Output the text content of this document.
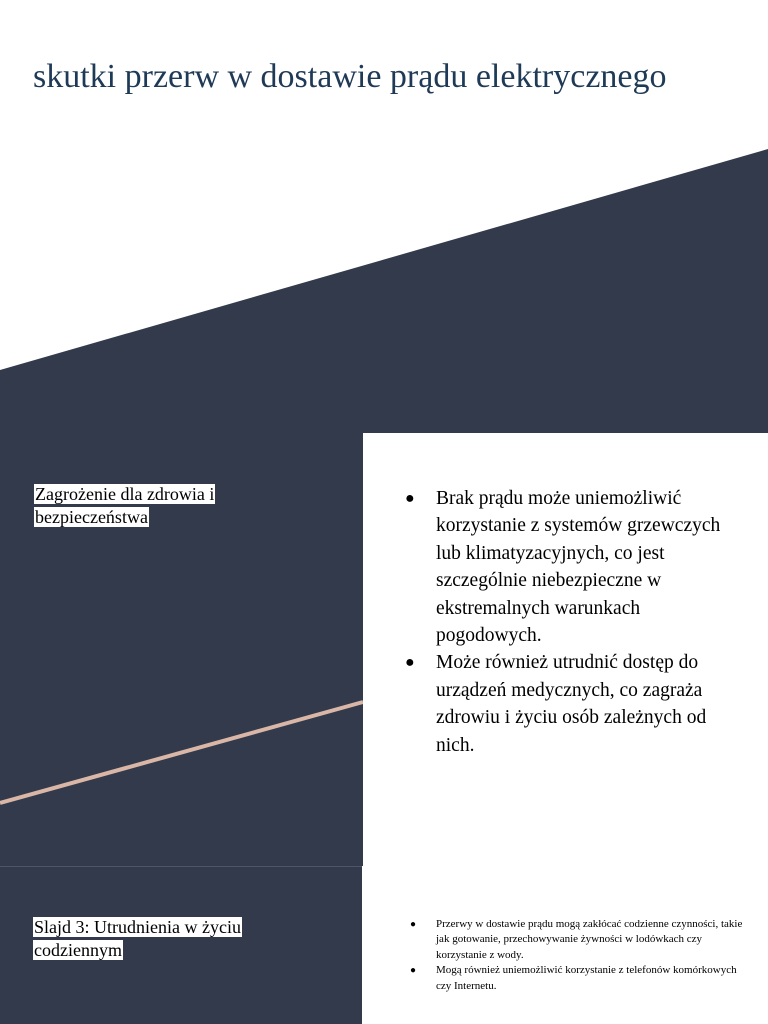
skutki przerw w dostawie prądu elektrycznego
Zagrożenie dla zdrowia i bezpieczeństwa
● Brak prądu może uniemożliwić korzystanie z systemów grzewczych lub klimatyzacyjnych, co jest szczególnie niebezpieczne w ekstremalnych warunkach pogodowych.
● Może również utrudnić dostęp do urządzeń medycznych, co zagraża zdrowiu i życiu osób zależnych od nich.
Slajd 3: Utrudnienia w życiu codziennym
● Przerwy w dostawie prądu mogą zakłócać codzienne czynności, takie jak gotowanie, przechowywanie żywności w lodówkach czy korzystanie z wody.
● Mogą również uniemożliwić korzystanie z telefonów komórkowych czy Internetu.
